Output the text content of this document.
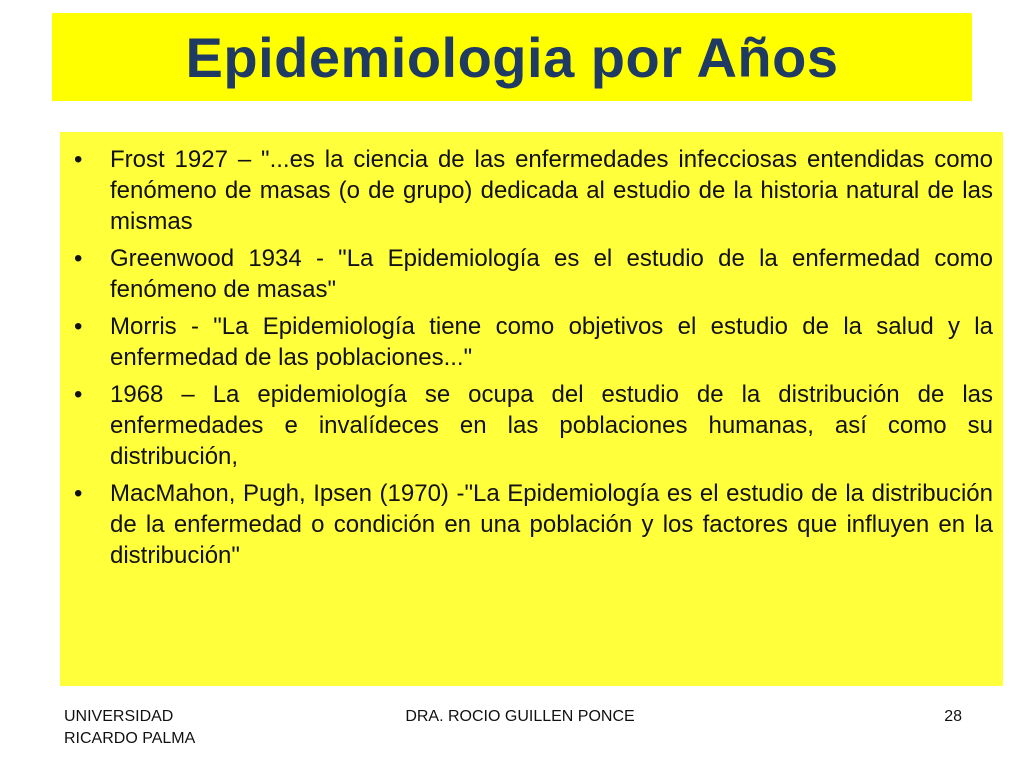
Epidemiologia por Años
•	Frost 1927 – "...es la ciencia de las enfermedades infecciosas entendidas como fenómeno de masas (o de grupo) dedicada al estudio de la historia natural de las mismas
•	Greenwood 1934 - "La Epidemiología es el estudio de la enfermedad como fenómeno de masas"
•	Morris - "La Epidemiología tiene como objetivos el estudio de la salud y la enfermedad de las poblaciones..."
•	1968 – La epidemiología se ocupa del estudio de la distribución de las enfermedades e invalídeces en las poblaciones humanas, así como su distribución,
•	MacMahon, Pugh, Ipsen (1970) -"La Epidemiología es el estudio de la distribución de la enfermedad o condición en una población y los factores que influyen en la distribución"
UNIVERSIDAD
RICARDO PALMA
DRA. ROCIO GUILLEN PONCE	28
